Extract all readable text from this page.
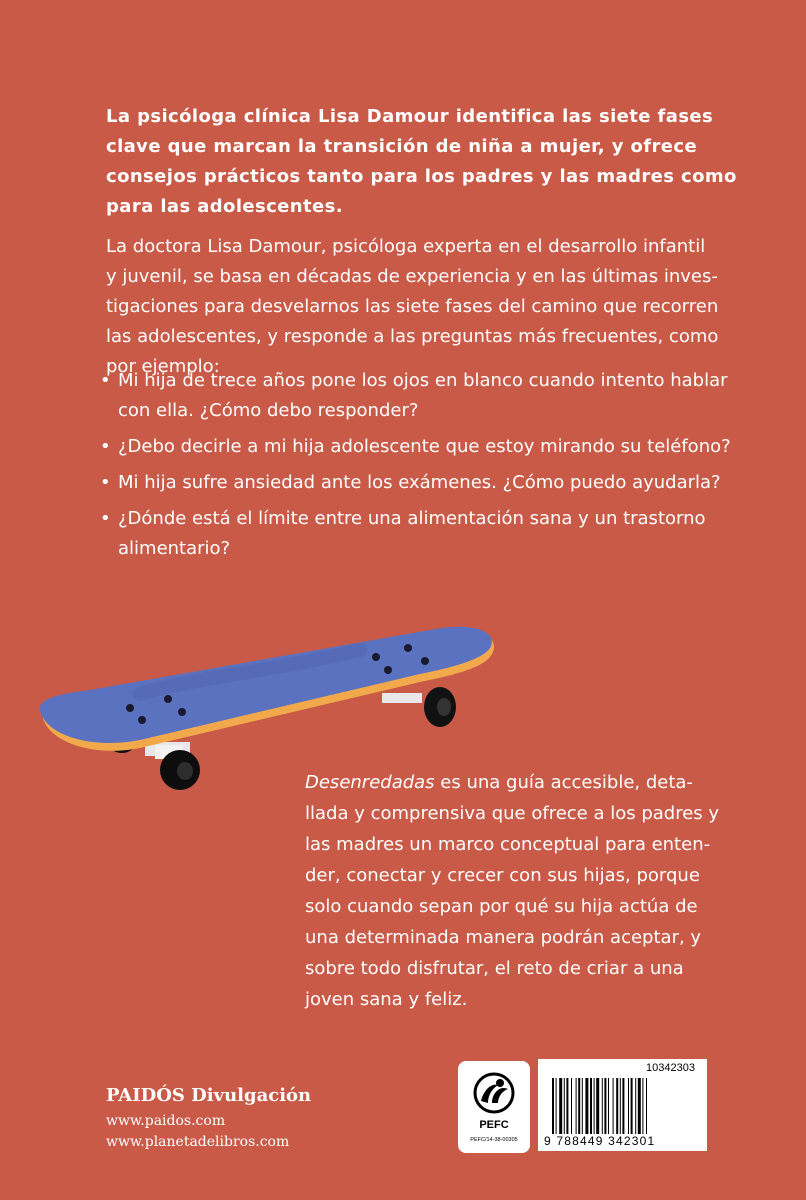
La psicóloga clínica Lisa Damour identifica las siete fases
clave que marcan la transición de niña a mujer, y ofrece
consejos prácticos tanto para los padres y las madres como
para las adolescentes.
La doctora Lisa Damour, psicóloga experta en el desarrollo infantil
y juvenil, se basa en décadas de experiencia y en las últimas inves-
tigaciones para desvelarnos las siete fases del camino que recorren
las adolescentes, y responde a las preguntas más frecuentes, como
por ejemplo:
• Mi hija de trece años pone los ojos en blanco cuando intento hablar
con ella. ¿Cómo debo responder?
• ¿Debo decirle a mi hija adolescente que estoy mirando su teléfono?
• Mi hija sufre ansiedad ante los exámenes. ¿Cómo puedo ayudarla?
• ¿Dónde está el límite entre una alimentación sana y un trastorno
alimentario?
Desenredadas es una guía accesible, deta-
llada y comprensiva que ofrece a los padres y
las madres un marco conceptual para enten-
der, conectar y crecer con sus hijas, porque
solo cuando sepan por qué su hija actúa de
una determinada manera podrán aceptar, y
sobre todo disfrutar, el reto de criar a una
joven sana y feliz.
PAIDÓS Divulgación
www.paidos.com
www.planetadelibros.com
PEFC
PEFC/14-38-00305
10342303
9 788449 342301
